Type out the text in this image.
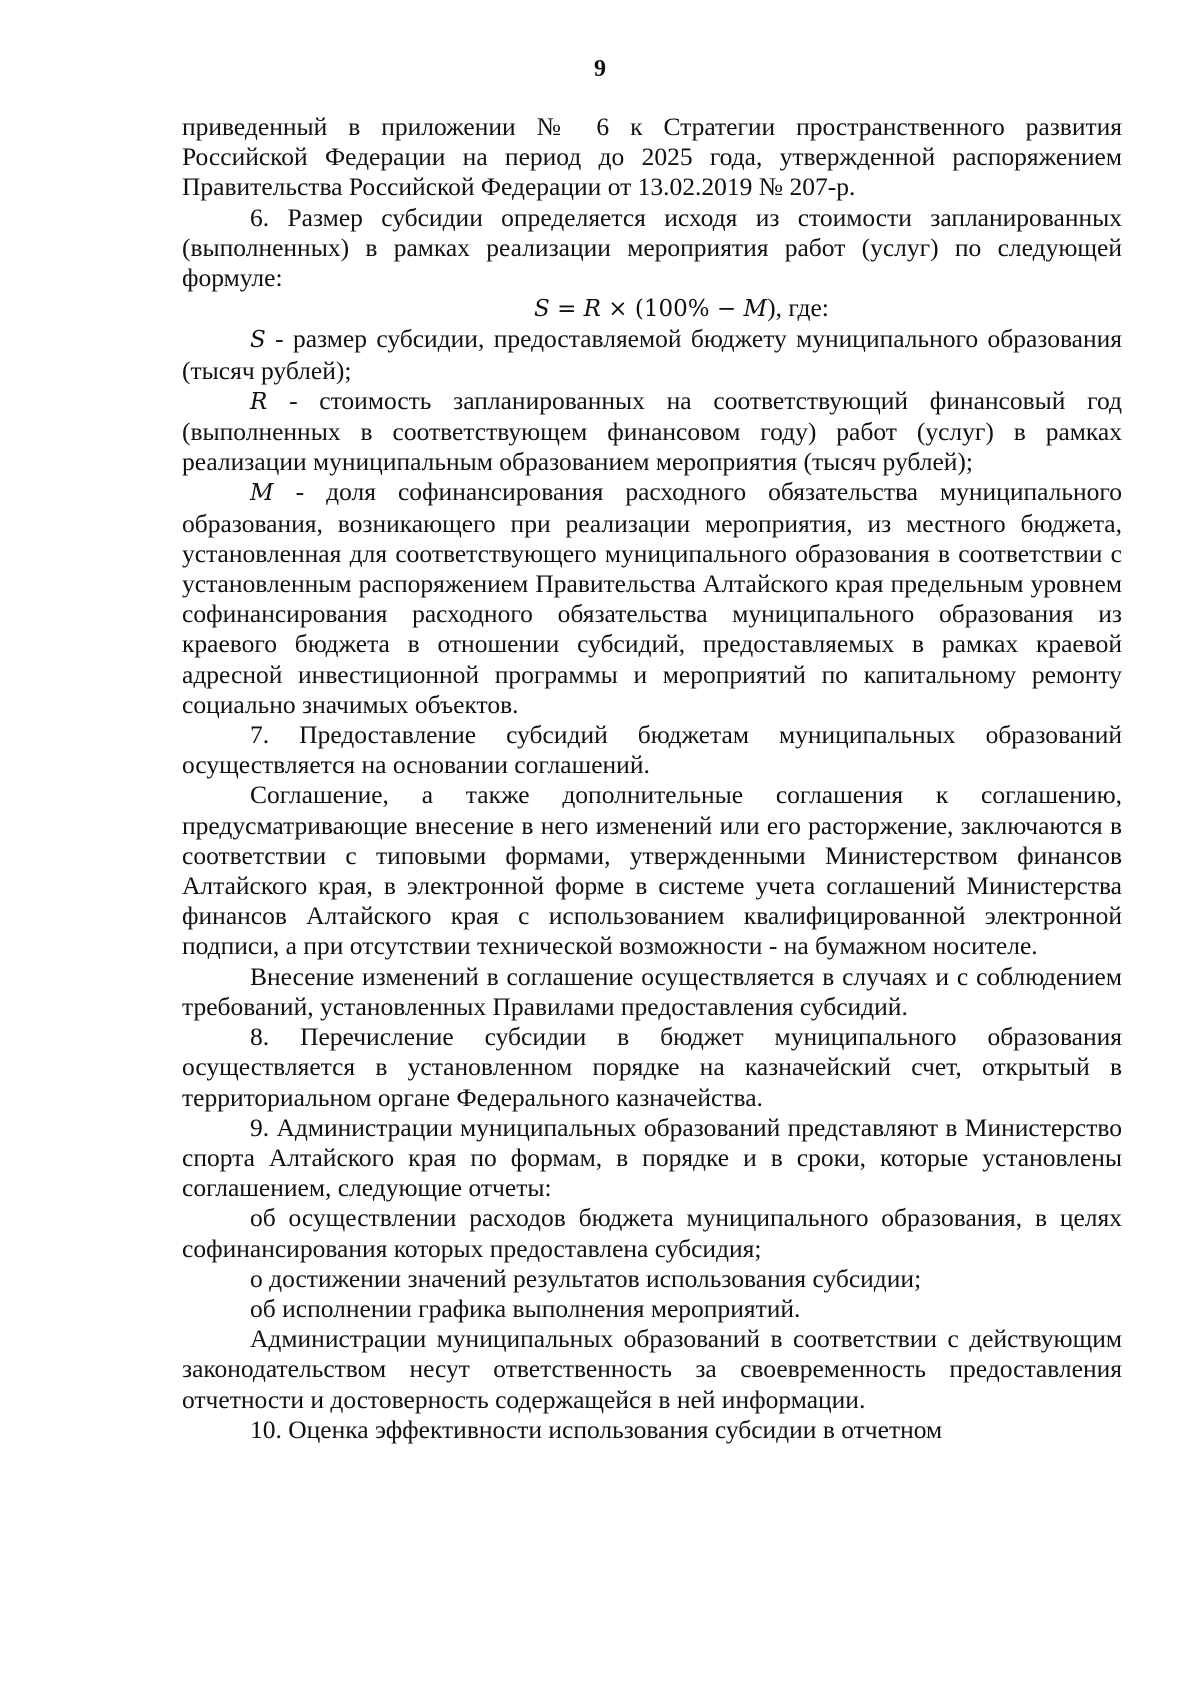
9

приведенный в приложении № 6 к Стратегии пространственного развития Российской Федерации на период до 2025 года, утвержденной распоряжением Правительства Российской Федерации от 13.02.2019 № 207-р.

6. Размер субсидии определяется исходя из стоимости запланированных (выполненных) в рамках реализации мероприятия работ (услуг) по следующей формуле:

S = R × (100% − M), где:

S - размер субсидии, предоставляемой бюджету муниципального образования (тысяч рублей);

R - стоимость запланированных на соответствующий финансовый год (выполненных в соответствующем финансовом году) работ (услуг) в рамках реализации муниципальным образованием мероприятия (тысяч рублей);

M - доля софинансирования расходного обязательства муниципального образования, возникающего при реализации мероприятия, из местного бюджета, установленная для соответствующего муниципального образования в соответствии с установленным распоряжением Правительства Алтайского края предельным уровнем софинансирования расходного обязательства муниципального образования из краевого бюджета в отношении субсидий, предоставляемых в рамках краевой адресной инвестиционной программы и мероприятий по капитальному ремонту социально значимых объектов.

7. Предоставление субсидий бюджетам муниципальных образований осуществляется на основании соглашений.

Соглашение, а также дополнительные соглашения к соглашению, предусматривающие внесение в него изменений или его расторжение, заключаются в соответствии с типовыми формами, утвержденными Министерством финансов Алтайского края, в электронной форме в системе учета соглашений Министерства финансов Алтайского края с использованием квалифицированной электронной подписи, а при отсутствии технической возможности - на бумажном носителе.

Внесение изменений в соглашение осуществляется в случаях и с соблюдением требований, установленных Правилами предоставления субсидий.

8. Перечисление субсидии в бюджет муниципального образования осуществляется в установленном порядке на казначейский счет, открытый в территориальном органе Федерального казначейства.

9. Администрации муниципальных образований представляют в Министерство спорта Алтайского края по формам, в порядке и в сроки, которые установлены соглашением, следующие отчеты:

об осуществлении расходов бюджета муниципального образования, в целях софинансирования которых предоставлена субсидия;

о достижении значений результатов использования субсидии;

об исполнении графика выполнения мероприятий.

Администрации муниципальных образований в соответствии с действующим законодательством несут ответственность за своевременность предоставления отчетности и достоверность содержащейся в ней информации.

10. Оценка эффективности использования субсидии в отчетном
